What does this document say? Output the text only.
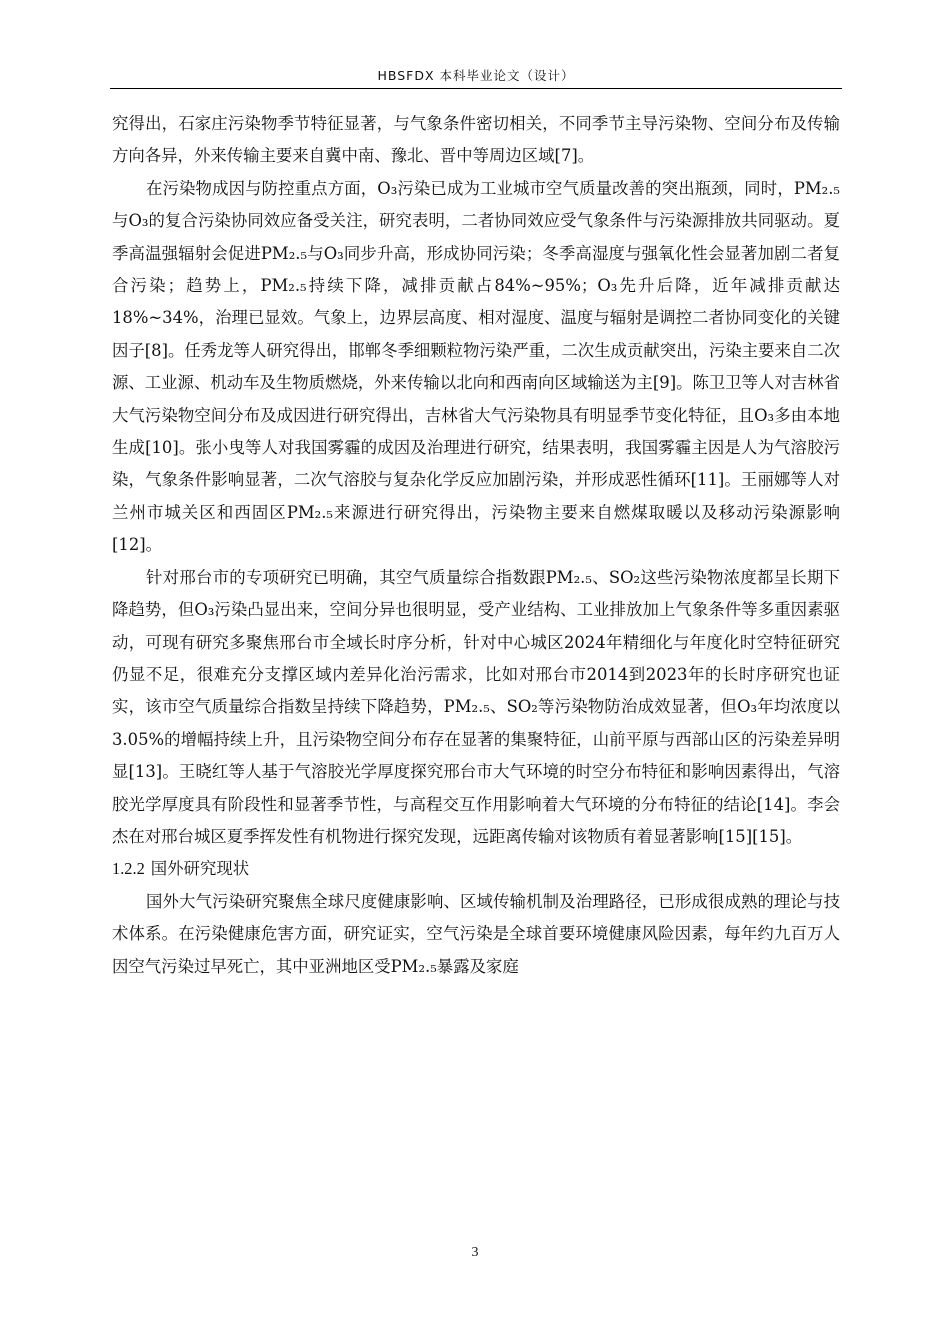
HBSFDX 本科毕业论文（设计）

究得出，石家庄污染物季节特征显著，与气象条件密切相关，不同季节主导污染物、空间分布及传输方向各异，外来传输主要来自冀中南、豫北、晋中等周边区域[7]。

在污染物成因与防控重点方面，O₃污染已成为工业城市空气质量改善的突出瓶颈，同时，PM₂.₅与O₃的复合污染协同效应备受关注，研究表明，二者协同效应受气象条件与污染源排放共同驱动。夏季高温强辐射会促进PM₂.₅与O₃同步升高，形成协同污染；冬季高湿度与强氧化性会显著加剧二者复合污染；趋势上，PM₂.₅持续下降，减排贡献占84%~95%；O₃先升后降，近年减排贡献达18%~34%，治理已显效。气象上，边界层高度、相对湿度、温度与辐射是调控二者协同变化的关键因子[8]。任秀龙等人研究得出，邯郸冬季细颗粒物污染严重，二次生成贡献突出，污染主要来自二次源、工业源、机动车及生物质燃烧，外来传输以北向和西南向区域输送为主[9]。陈卫卫等人对吉林省大气污染物空间分布及成因进行研究得出，吉林省大气污染物具有明显季节变化特征，且O₃多由本地生成[10]。张小曳等人对我国雾霾的成因及治理进行研究，结果表明，我国雾霾主因是人为气溶胶污染，气象条件影响显著，二次气溶胶与复杂化学反应加剧污染，并形成恶性循环[11]。王丽娜等人对兰州市城关区和西固区PM₂.₅来源进行研究得出，污染物主要来自燃煤取暖以及移动污染源影响[12]。

针对邢台市的专项研究已明确，其空气质量综合指数跟PM₂.₅、SO₂这些污染物浓度都呈长期下降趋势，但O₃污染凸显出来，空间分异也很明显，受产业结构、工业排放加上气象条件等多重因素驱动，可现有研究多聚焦邢台市全域长时序分析，针对中心城区2024年精细化与年度化时空特征研究仍显不足，很难充分支撑区域内差异化治污需求，比如对邢台市2014到2023年的长时序研究也证实，该市空气质量综合指数呈持续下降趋势，PM₂.₅、SO₂等污染物防治成效显著，但O₃年均浓度以3.05%的增幅持续上升，且污染物空间分布存在显著的集聚特征，山前平原与西部山区的污染差异明显[13]。王晓红等人基于气溶胶光学厚度探究邢台市大气环境的时空分布特征和影响因素得出，气溶胶光学厚度具有阶段性和显著季节性，与高程交互作用影响着大气环境的分布特征的结论[14]。李会杰在对邢台城区夏季挥发性有机物进行探究发现，远距离传输对该物质有着显著影响[15][15]。

1.2.2 国外研究现状

国外大气污染研究聚焦全球尺度健康影响、区域传输机制及治理路径，已形成很成熟的理论与技术体系。在污染健康危害方面，研究证实，空气污染是全球首要环境健康风险因素，每年约九百万人因空气污染过早死亡，其中亚洲地区受PM₂.₅暴露及家庭

3
